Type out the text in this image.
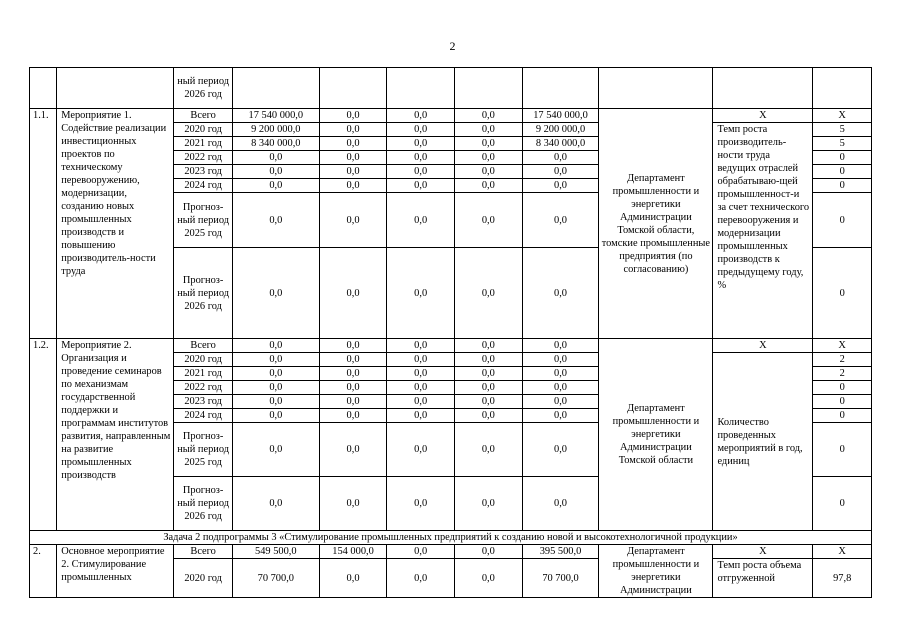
2
		ный период 2026 год								
1.1.	Мероприятие 1. Содействие реализации инвестиционных проектов по техническому перевооружению, модернизации, созданию новых промышленных производств и повышению производитель-ности труда	Всего	17 540 000,0	0,0	0,0	0,0	17 540 000,0	Департамент промышленности и энергетики Администрации Томской области, томские промышленные предприятия (по согласованию)	Х	Х
		2020 год	9 200 000,0	0,0	0,0	0,0	9 200 000,0		Темп роста производитель-ности труда ведущих отраслей обрабатываю-щей промышленност-и за счет технического перевооружения и модернизации промышленных производств к предыдущему году, %	5
		2021 год	8 340 000,0	0,0	0,0	0,0	8 340 000,0			5
		2022 год	0,0	0,0	0,0	0,0	0,0			0
		2023 год	0,0	0,0	0,0	0,0	0,0			0
		2024 год	0,0	0,0	0,0	0,0	0,0			0
		Прогноз-ный период 2025 год	0,0	0,0	0,0	0,0	0,0			0
		Прогноз-ный период 2026 год	0,0	0,0	0,0	0,0	0,0			0
1.2.	Мероприятие 2. Организация и проведение семинаров по механизмам государственной поддержки и программам институтов развития, направленным на развитие промышленных производств	Всего	0,0	0,0	0,0	0,0	0,0	Департамент промышленности и энергетики Администрации Томской области	Х	Х
		2020 год	0,0	0,0	0,0	0,0	0,0		Количество проведенных мероприятий в год, единиц	2
		2021 год	0,0	0,0	0,0	0,0	0,0			2
		2022 год	0,0	0,0	0,0	0,0	0,0			0
		2023 год	0,0	0,0	0,0	0,0	0,0			0
		2024 год	0,0	0,0	0,0	0,0	0,0			0
		Прогноз-ный период 2025 год	0,0	0,0	0,0	0,0	0,0			0
		Прогноз-ный период 2026 год	0,0	0,0	0,0	0,0	0,0			0
Задача 2 подпрограммы 3 «Стимулирование промышленных предприятий к созданию новой и высокотехнологичной продукции»										
2.	Основное мероприятие 2. Стимулирование промышленных	Всего	549 500,0	154 000,0	0,0	0,0	395 500,0	Департамент промышленности и энергетики Администрации	Х	Х
		2020 год	70 700,0	0,0	0,0	0,0	70 700,0		Темп роста объема отгруженной	97,8
